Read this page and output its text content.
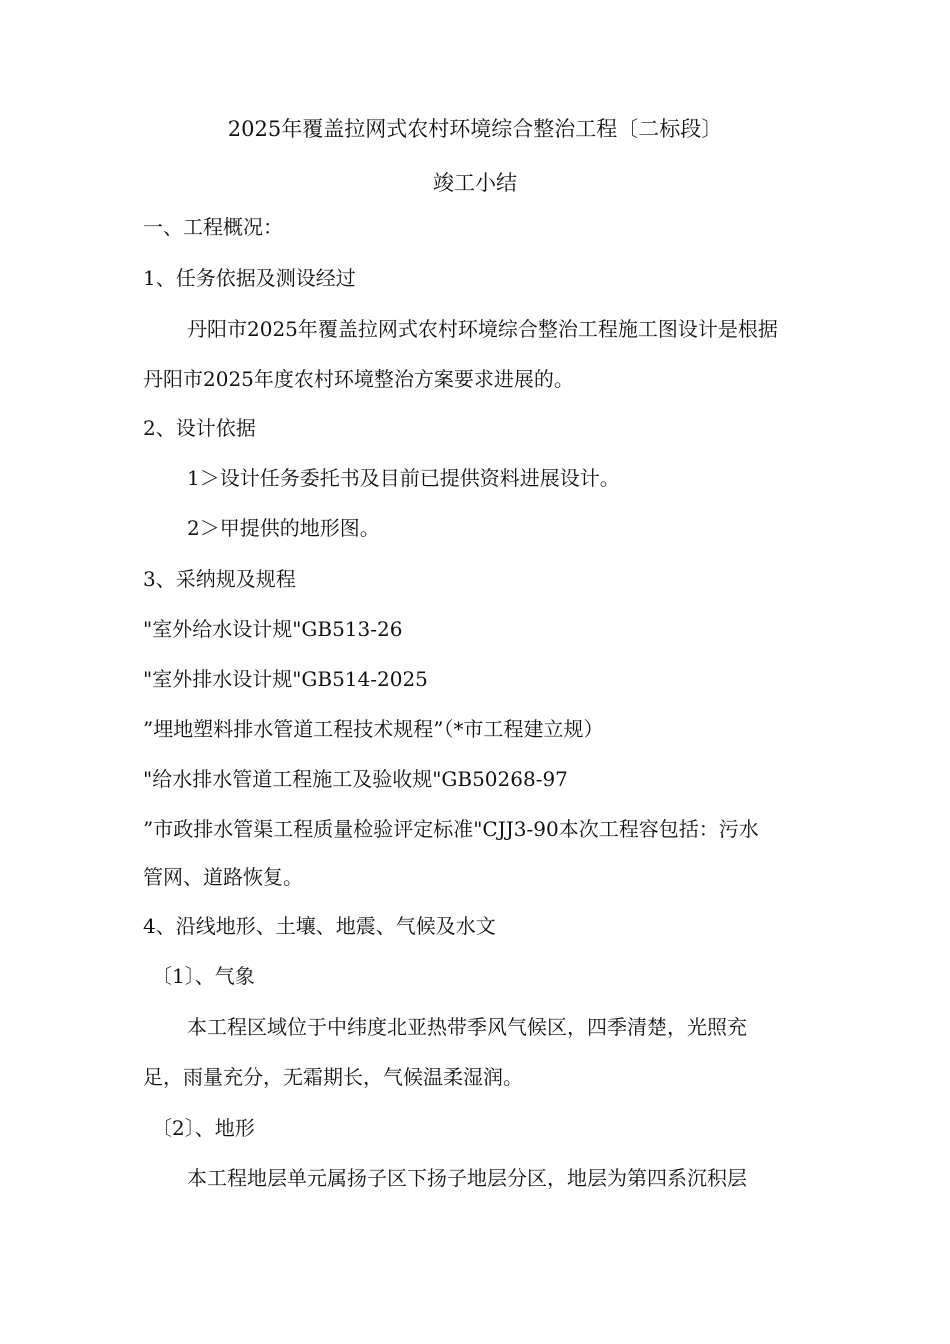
2025年覆盖拉网式农村环境综合整治工程〔二标段〕
竣工小结
一、工程概况：
1、任务依据及测设经过
丹阳市2025年覆盖拉网式农村环境综合整治工程施工图设计是根据
丹阳市2025年度农村环境整治方案要求进展的。
2、设计依据
1＞设计任务委托书及目前已提供资料进展设计。
2＞甲提供的地形图。
3、采纳规及规程
"室外给水设计规"GB513-26
"室外排水设计规"GB514-2025
”埋地塑料排水管道工程技术规程”（*市工程建立规）
"给水排水管道工程施工及验收规"GB50268-97
”市政排水管渠工程质量检验评定标准"CJJ3-90本次工程容包括：污水
管网、道路恢复。
4、沿线地形、土壤、地震、气候及水文
〔1〕、气象
本工程区域位于中纬度北亚热带季风气候区，四季清楚，光照充
足，雨量充分，无霜期长，气候温柔湿润。
〔2〕、地形
本工程地层单元属扬子区下扬子地层分区，地层为第四系沉积层
